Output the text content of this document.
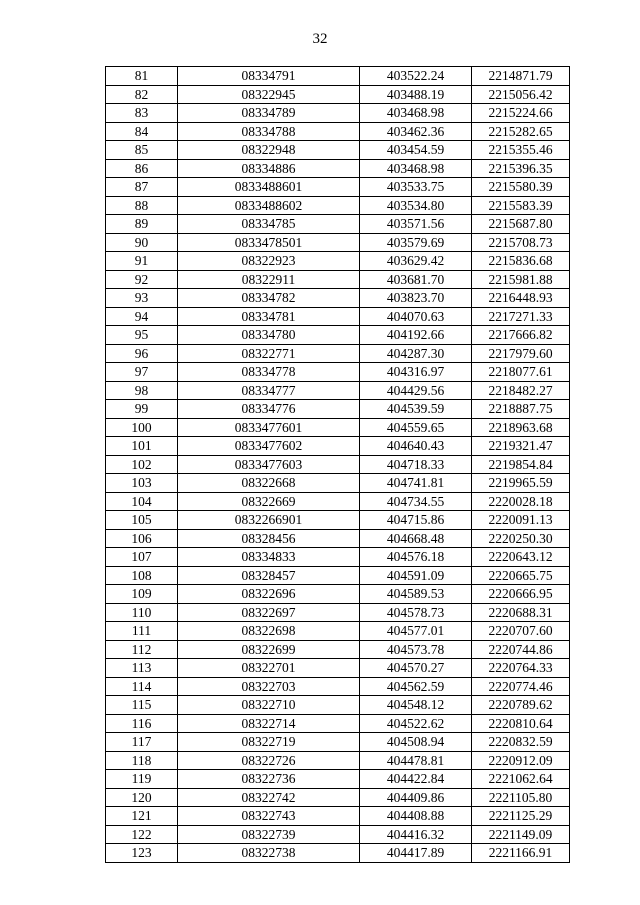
32
81	08334791	403522.24	2214871.79
82	08322945	403488.19	2215056.42
83	08334789	403468.98	2215224.66
84	08334788	403462.36	2215282.65
85	08322948	403454.59	2215355.46
86	08334886	403468.98	2215396.35
87	0833488601	403533.75	2215580.39
88	0833488602	403534.80	2215583.39
89	08334785	403571.56	2215687.80
90	0833478501	403579.69	2215708.73
91	08322923	403629.42	2215836.68
92	08322911	403681.70	2215981.88
93	08334782	403823.70	2216448.93
94	08334781	404070.63	2217271.33
95	08334780	404192.66	2217666.82
96	08322771	404287.30	2217979.60
97	08334778	404316.97	2218077.61
98	08334777	404429.56	2218482.27
99	08334776	404539.59	2218887.75
100	0833477601	404559.65	2218963.68
101	0833477602	404640.43	2219321.47
102	0833477603	404718.33	2219854.84
103	08322668	404741.81	2219965.59
104	08322669	404734.55	2220028.18
105	0832266901	404715.86	2220091.13
106	08328456	404668.48	2220250.30
107	08334833	404576.18	2220643.12
108	08328457	404591.09	2220665.75
109	08322696	404589.53	2220666.95
110	08322697	404578.73	2220688.31
111	08322698	404577.01	2220707.60
112	08322699	404573.78	2220744.86
113	08322701	404570.27	2220764.33
114	08322703	404562.59	2220774.46
115	08322710	404548.12	2220789.62
116	08322714	404522.62	2220810.64
117	08322719	404508.94	2220832.59
118	08322726	404478.81	2220912.09
119	08322736	404422.84	2221062.64
120	08322742	404409.86	2221105.80
121	08322743	404408.88	2221125.29
122	08322739	404416.32	2221149.09
123	08322738	404417.89	2221166.91
